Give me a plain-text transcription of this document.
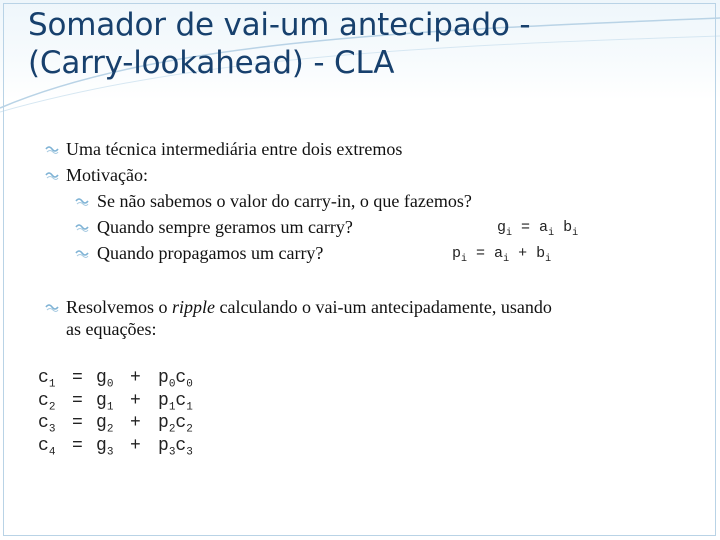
Somador de vai-um antecipado -
(Carry-lookahead) - CLA
Uma técnica intermediária entre dois extremos
Motivação:
Se não sabemos o valor do carry-in, o que fazemos?
Quando sempre geramos um carry?
Quando propagamos um carry?
$g_i = a_i$ $b_i$
$p_i = a_i + b_i$
Resolvemos o ripple calculando o vai-um antecipadamente, usando
as equações:
$c_1$	=	$g_0$	+	$p_0c_0$
$c_2$	=	$g_1$	+	$p_1c_1$
$c_3$	=	$g_2$	+	$p_2c_2$
$c_4$	=	$g_3$	+	$p_3c_3$
